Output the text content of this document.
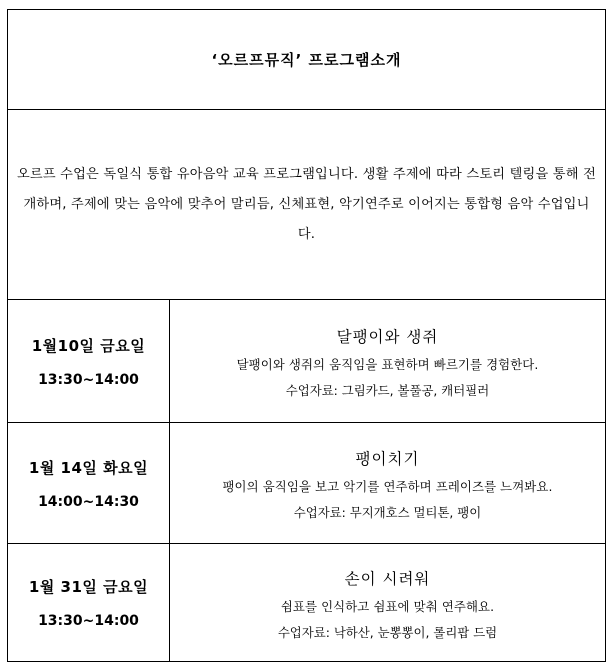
‘오르프뮤직’ 프로그램소개

오르프 수업은 독일식 통합 유아음악 교육 프로그램입니다. 생활 주제에 따라 스토리 텔링을 통해 전개하며, 주제에 맞는 음악에 맞추어 말리듬, 신체표현, 악기연주로 이어지는 통합형 음악 수업입니다.

1월10일 금요일
13:30~14:00
달팽이와 생쥐
달팽이와 생쥐의 움직임을 표현하며 빠르기를 경험한다.
수업자료: 그림카드, 볼풀공, 캐터필러
1월 14일 화요일
14:00~14:30
팽이치기
팽이의 움직임을 보고 악기를 연주하며 프레이즈를 느껴봐요.
수업자료: 무지개호스 멀티톤, 팽이
1월 31일 금요일
13:30~14:00
손이 시려워
쉼표를 인식하고 쉼표에 맞춰 연주해요.
수업자료: 낙하산, 눈뽕뽕이, 롤리팝 드럼
